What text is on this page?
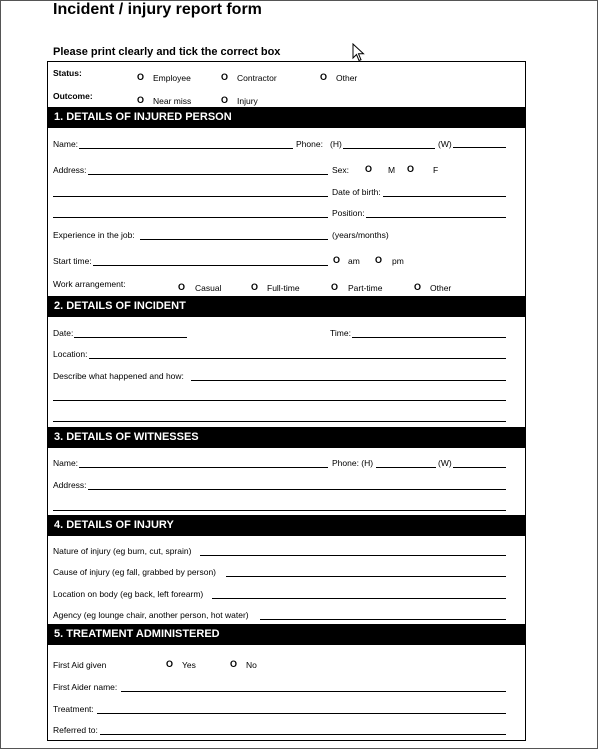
Incident / injury report form
Please print clearly and tick the correct box
Status:	O Employee	O Contractor	O Other
Outcome:	O Near miss	O Injury
1. DETAILS OF INJURED PERSON
Name:	Phone: (H)	(W)
Address:	Sex: O M O F
Date of birth:
Position:
Experience in the job:	(years/months)
Start time:	O am O pm
Work arrangement:	O Casual	O Full-time	O Part-time	O Other
2. DETAILS OF INCIDENT
Date:	Time:
Location:
Describe what happened and how:
3. DETAILS OF WITNESSES
Name:	Phone: (H)	(W)
Address:
4. DETAILS OF INJURY
Nature of injury (eg burn, cut, sprain)
Cause of injury (eg fall, grabbed by person)
Location on body (eg back, left forearm)
Agency (eg lounge chair, another person, hot water)
5. TREATMENT ADMINISTERED
First Aid given	O Yes	O No
First Aider name:
Treatment:
Referred to:
